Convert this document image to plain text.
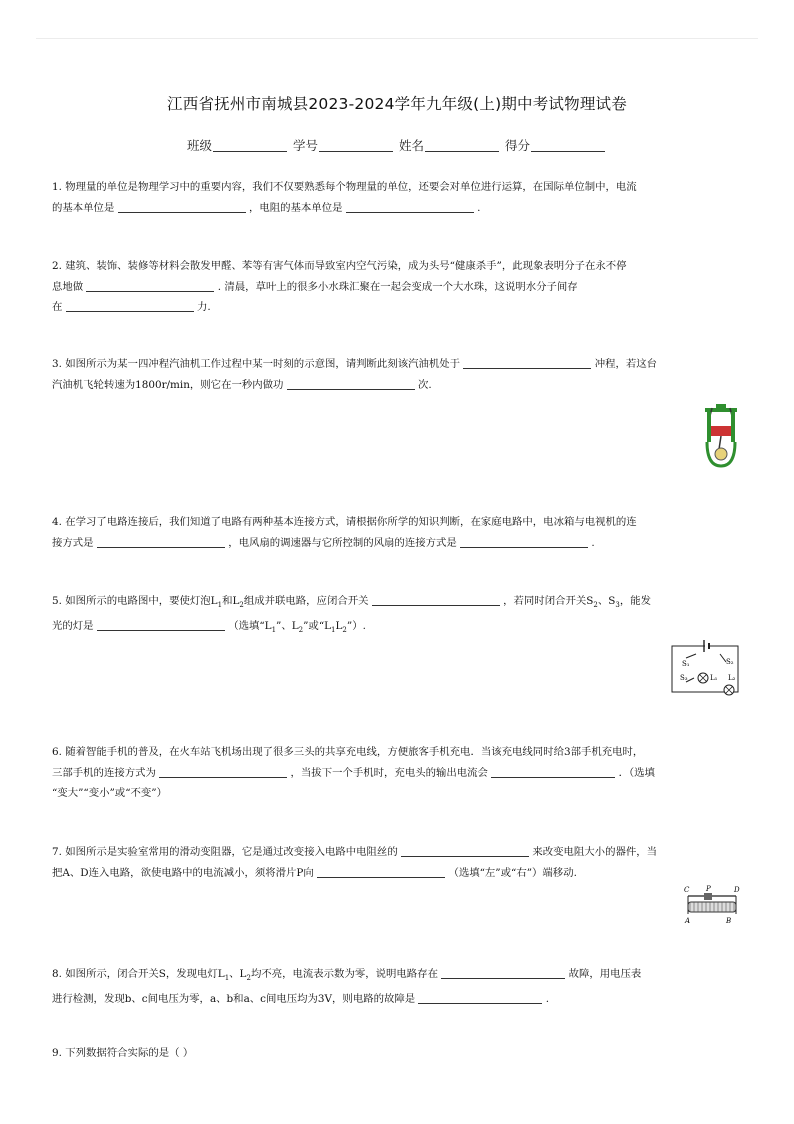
江西省抚州市南城县2023-2024学年九年级(上)期中考试物理试卷
班级	学号	姓名	得分
1. 物理量的单位是物理学习中的重要内容，我们不仅要熟悉每个物理量的单位，还要会对单位进行运算，在国际单位制中，电流
的基本单位是	，电阻的基本单位是	.
2. 建筑、装饰、装修等材料会散发甲醛、苯等有害气体而导致室内空气污染，成为头号“健康杀手”，此现象表明分子在永不停
息地做	. 清晨，草叶上的很多小水珠汇聚在一起会变成一个大水珠，这说明水分子间存
在	力.
3. 如图所示为某一四冲程汽油机工作过程中某一时刻的示意图，请判断此刻该汽油机处于	冲程，若这台
汽油机飞轮转速为1800r/min，则它在一秒内做功	次.
4. 在学习了电路连接后，我们知道了电路有两种基本连接方式，请根据你所学的知识判断，在家庭电路中，电冰箱与电视机的连
接方式是	，电风扇的调速器与它所控制的风扇的连接方式是	.
5. 如图所示的电路图中，要使灯泡$L_1$和$L_2$组成并联电路，应闭合开关	，若同时闭合开关$S_2$、$S_3$，能发
光的灯是	（选填“$L_1$”、$L_2$”或“$L_1L_2$”）.
S₁	S₂
S₃	L₁ L₂
6. 随着智能手机的普及，在火车站飞机场出现了很多三头的共享充电线，方便旅客手机充电．当该充电线同时给3部手机充电时，
三部手机的连接方式为	，当拔下一个手机时，充电头的输出电流会	．（选填
“变大”“变小”或“不变”）
7. 如图所示是实验室常用的滑动变阻器，它是通过改变接入电路中电阻丝的	来改变电阻大小的器件，当
把A、D连入电路，欲使电路中的电流减小，须将滑片P向	（选填“左”或“右”）端移动.
C P	D
A	B
8. 如图所示，闭合开关S，发现电灯$L_1$、$L_2$均不亮，电流表示数为零，说明电路存在	故障，用电压表
进行检测，发现b、c间电压为零，a、b和a、c间电压均为3V，则电路的故障是	.
9. 下列数据符合实际的是（ ）
